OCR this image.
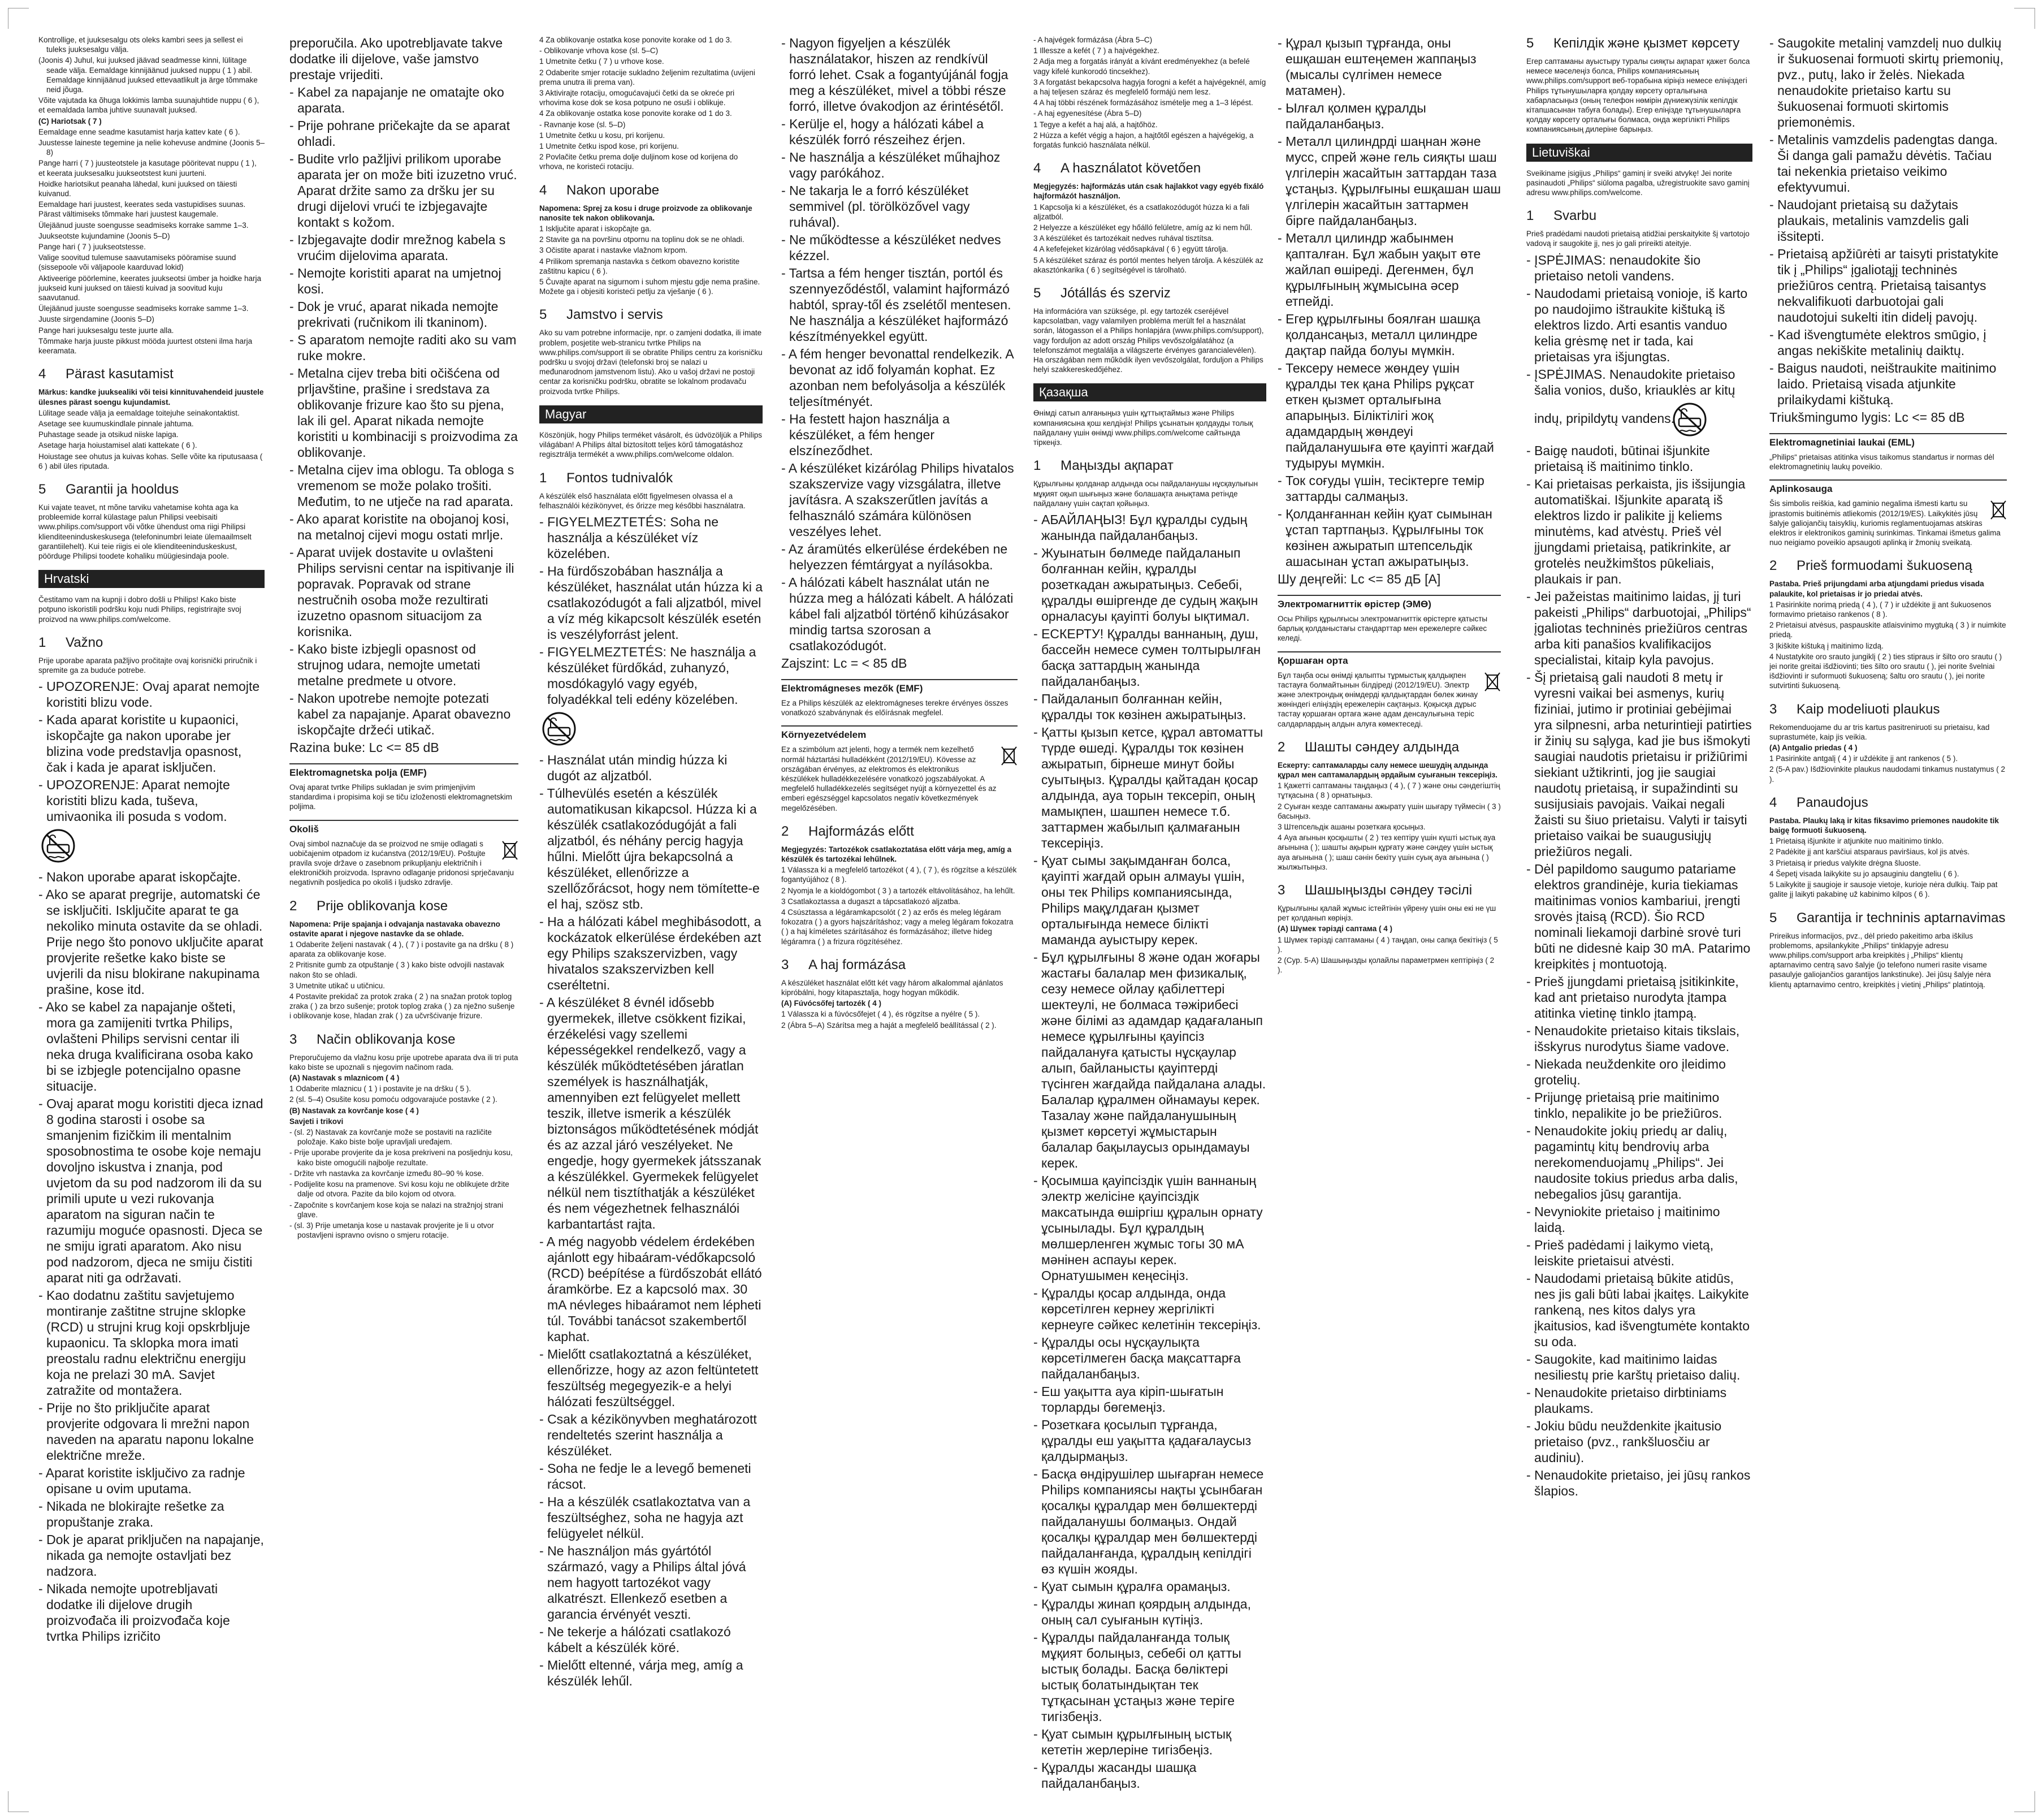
Kontrollige, et juuksesalgu ots oleks kambri sees ja sellest ei tuleks juuksesalgu välja.

(Joonis 4) Juhul, kui juuksed jäävad seadmesse kinni, lülitage seade välja. Eemaldage kinnijäänud juuksed nuppu ( 1 ) abil. Eemaldage kinnijäänud juuksed ettevaatlikult ja ärge tõmmake neid jõuga.

Võite vajutada ka õhuga lokkimis lamba suunajuhtide nuppu ( 6 ), et eemaldada lamba juhtive suunavalt juuksed.

(C) Hariotsak ( 7 )

Eemaldage enne seadme kasutamist harja kattev kate ( 6 ).

Juustesse laineste tegemine ja nelie kohevuse andmine (Joonis 5–8)

Pange harri ( 7 ) juusteotstele ja kasutage pööritevat nuppu ( 1 ), et keerata juuksesalku juukseotstest kuni juurteni.

Hoidke hariotsikut peanaha lähedal, kuni juuksed on täiesti kuivanud.

Eemaldage hari juustest, keerates seda vastupidises suunas. Pärast vältimiseks tõmmake hari juustest kaugemale.

Ülejäänud juuste soengusse seadmiseks korrake samme 1–3.

Juukseotste kujundamine (Joonis 5–D)

Pange hari ( 7 ) juukseotstesse.

Valige soovitud tulemuse saavutamiseks pööramise suund (sissepoole või väljapoole kaarduvad lokid)

Aktiveerige pöörlemine, keerates juukseotsi ümber ja hoidke harja juukseid kuni juuksed on täiesti kuivad ja soovitud kuju saavutanud.

Ülejäänud juuste soengusse seadmiseks korrake samme 1–3.

Juuste sirgendamine (Joonis 5–D)

Pange hari juuksesalgu teste juurte alla.

Tõmmake harja juuste pikkust mööda juurtest otsteni ilma harja keeramata.

4 Pärast kasutamist

Märkus: kandke juuksealiki või teisi kinnituvahendeid juustele ülesnes pärast soengu kujundamist.

Lülitage seade välja ja eemaldage toitejuhe seinakontaktist.

Asetage see kuumuskindlale pinnale jahtuma.

Puhastage seade ja otsikud niiske lapiga.

Asetage harja hoiustamisel alati kattekate ( 6 ).

Hoiustage see ohutus ja kuivas kohas. Selle võite ka riputusaasa ( 6 ) abil üles riputada.

5 Garantii ja hooldus

Kui vajate teavet, nt mõne tarviku vahetamise kohta aga ka probleemide korral külastage palun Philipsi veebisaiti www.philips.com/support või võtke ühendust oma riigi Philipsi klienditeeninduskeskusega (telefoninumbri leiate ülemaailmselt garantiilehelt). Kui teie riigis ei ole klienditeeninduskeskust, pöörduge Philipsi toodete kohaliku müügiesindaja poole.

Hrvatski

Čestitamo vam na kupnji i dobro došli u Philips! Kako biste potpuno iskoristili podršku koju nudi Philips, registrirajte svoj proizvod na www.philips.com/welcome.

1 Važno

Prije uporabe aparata pažljivo pročitajte ovaj korisnički priručnik i spremite ga za buduće potrebe.

- UPOZORENJE: Ovaj aparat nemojte koristiti blizu vode.

- Kada aparat koristite u kupaonici, iskopčajte ga nakon uporabe jer blizina vode predstavlja opasnost, čak i kada je aparat isključen.

- UPOZORENJE: Aparat nemojte koristiti blizu kada, tuševa, umivaonika ili posuda s vodom.

- Nakon uporabe aparat iskopčajte.

- Ako se aparat pregrije, automatski će se isključiti. Isključite aparat te ga nekoliko minuta ostavite da se ohladi. Prije nego što ponovo uključite aparat provjerite rešetke kako biste se uvjerili da nisu blokirane nakupinama prašine, kose itd.

- Ako se kabel za napajanje ošteti, mora ga zamijeniti tvrtka Philips, ovlašteni Philips servisni centar ili neka druga kvalificirana osoba kako bi se izbjegle potencijalno opasne situacije.

- Ovaj aparat mogu koristiti djeca iznad 8 godina starosti i osobe sa smanjenim fizičkim ili mentalnim sposobnostima te osobe koje nemaju dovoljno iskustva i znanja, pod uvjetom da su pod nadzorom ili da su primili upute u vezi rukovanja aparatom na siguran način te razumiju moguće opasnosti. Djeca se ne smiju igrati aparatom. Ako nisu pod nadzorom, djeca ne smiju čistiti aparat niti ga održavati.

- Kao dodatnu zaštitu savjetujemo montiranje zaštitne strujne sklopke (RCD) u strujni krug koji opskrbljuje kupaonicu. Ta sklopka mora imati preostalu radnu električnu energiju koja ne prelazi 30 mA. Savjet zatražite od montažera.

- Prije no što priključite aparat provjerite odgovara li mrežni napon naveden na aparatu naponu lokalne električne mreže.

- Aparat koristite isključivo za radnje opisane u ovim uputama.

- Nikada ne blokirajte rešetke za propuštanje zraka.

- Dok je aparat priključen na napajanje, nikada ga nemojte ostavljati bez nadzora.

- Nikada nemojte upotrebljavati dodatke ili dijelove drugih proizvođača ili proizvođača koje tvrtka Philips izričito

preporučila. Ako upotrebljavate takve dodatke ili dijelove, vaše jamstvo prestaje vrijediti.

- Kabel za napajanje ne omatajte oko aparata.

- Prije pohrane pričekajte da se aparat ohladi.

- Budite vrlo pažljivi prilikom uporabe aparata jer on može biti izuzetno vruć. Aparat držite samo za dršku jer su drugi dijelovi vrući te izbjegavajte kontakt s kožom.

- Izbjegavajte dodir mrežnog kabela s vrućim dijelovima aparata.

- Nemojte koristiti aparat na umjetnoj kosi.

- Dok je vruć, aparat nikada nemojte prekrivati (ručnikom ili tkaninom).

- S aparatom nemojte raditi ako su vam ruke mokre.

- Metalna cijev treba biti očišćena od prljavštine, prašine i sredstava za oblikovanje frizure kao što su pjena, lak ili gel. Aparat nikada nemojte koristiti u kombinaciji s proizvodima za oblikovanje.

- Metalna cijev ima oblogu. Ta obloga s vremenom se može polako trošiti. Međutim, to ne utječe na rad aparata.

- Ako aparat koristite na obojanoj kosi, na metalnoj cijevi mogu ostati mrlje.

- Aparat uvijek dostavite u ovlašteni Philips servisni centar na ispitivanje ili popravak. Popravak od strane nestručnih osoba može rezultirati izuzetno opasnom situacijom za korisnika.

- Kako biste izbjegli opasnost od strujnog udara, nemojte umetati metalne predmete u otvore.

- Nakon upotrebe nemojte potezati kabel za napajanje. Aparat obavezno iskopčajte držeći utikač.

Razina buke: Lc <= 85 dB

Elektromagnetska polja (EMF)

Ovaj aparat tvrtke Philips sukladan je svim primjenjivim standardima i propisima koji se tiču izloženosti elektromagnetskim poljima.

Okoliš

Ovaj simbol naznačuje da se proizvod ne smije odlagati s uobičajenim otpadom iz kućanstva (2012/19/EU). Poštujte pravila svoje države o zasebnom prikupljanju električnih i elektroničkih proizvoda. Ispravno odlaganje pridonosi sprječavanju negativnih posljedica po okoliš i ljudsko zdravlje.

2 Prije oblikovanja kose

Napomena: Prije spajanja i odvajanja nastavaka obavezno ostavite aparat i njegove nastavke da se ohlade.

1 Odaberite željeni nastavak ( 4 ), ( 7 ) i postavite ga na dršku ( 8 ) aparata za oblikovanje kose.

2 Pritisnite gumb za otpuštanje ( 3 ) kako biste odvojili nastavak nakon što se ohladi.

3 Umetnite utikač u utičnicu.

4 Postavite prekidač za protok zraka ( 2 ) na snažan protok toplog zraka ( ) za brzo sušenje; protok toplog zraka ( ) za nježno sušenje i oblikovanje kose, hladan zrak ( ) za učvršćivanje frizure.

3 Način oblikovanja kose

Preporučujemo da vlažnu kosu prije upotrebe aparata dva ili tri puta kako biste se upoznali s njegovim načinom rada.

(A) Nastavak s mlaznicom ( 4 )

1 Odaberite mlaznicu ( 1 ) i postavite je na dršku ( 5 ).

2 (sl. 5–4) Osušite kosu pomoću odgovarajuće postavke ( 2 ).

(B) Nastavak za kovrčanje kose ( 4 )

Savjeti i trikovi

- (sl. 2) Nastavak za kovrčanje može se postaviti na različite položaje. Kako biste bolje upravljali uređajem.

- Prije uporabe provjerite da je kosa prekriveni na posljednju kosu, kako biste omogućili najbolje rezultate.

- Držite vrh nastavka za kovrčanje između 80–90 % kose.

- Podijelite kosu na pramenove. Svi kosu koju ne oblikujete držite dalje od otvora. Pazite da bilo kojom od otvora.

- Započnite s kovrčanjem kose koja se nalazi na stražnjoj strani glave.

- (sl. 3) Prije umetanja kose u nastavak provjerite je li u otvor postavljeni ispravno ovisno o smjeru rotacije.

4 Za oblikovanje ostatka kose ponovite korake od 1 do 3.

- Oblikovanje vrhova kose (sl. 5–C)

1 Umetnite četku ( 7 ) u vrhove kose.

2 Odaberite smjer rotacije sukladno željenim rezultatima (uvijeni prema unutra ili prema van).

3 Aktivirajte rotaciju, omogućavajući četki da se okreće pri vrhovima kose dok se kosa potpuno ne osuši i oblikuje.

4 Za oblikovanje ostatka kose ponovite korake od 1 do 3.

- Ravnanje kose (sl. 5–D)

1 Umetnite četku u kosu, pri korijenu.

1 Umetnite četku ispod kose, pri korijenu.

2 Povlačite četku prema dolje duljinom kose od korijena do vrhova, ne koristeći rotaciju.

4 Nakon uporabe

Napomena: Sprej za kosu i druge proizvode za oblikovanje nanosite tek nakon oblikovanja.

1 Isključite aparat i iskopčajte ga.

2 Stavite ga na površinu otpornu na toplinu dok se ne ohladi.

3 Očistite aparat i nastavke vlažnom krpom.

4 Prilikom spremanja nastavka s četkom obavezno koristite zaštitnu kapicu ( 6 ).

5 Čuvajte aparat na sigurnom i suhom mjestu gdje nema prašine. Možete ga i objesiti koristeći petlju za vješanje ( 6 ).

5 Jamstvo i servis

Ako su vam potrebne informacije, npr. o zamjeni dodatka, ili imate problem, posjetite web-stranicu tvrtke Philips na www.philips.com/support ili se obratite Philips centru za korisničku podršku u svojoj državi (telefonski broj se nalazi u međunarodnom jamstvenom listu). Ako u vašoj državi ne postoji centar za korisničku podršku, obratite se lokalnom prodavaču proizvoda tvrtke Philips.

Magyar

Köszönjük, hogy Philips terméket vásárolt, és üdvözöljük a Philips világában! A Philips által biztosított teljes körű támogatáshoz regisztrálja termékét a www.philips.com/welcome oldalon.

1 Fontos tudnivalók

A készülék első használata előtt figyelmesen olvassa el a felhasználói kézikönyvet, és őrizze meg későbbi használatra.

- FIGYELMEZTETÉS: Soha ne használja a készüléket víz közelében.

- Ha fürdőszobában használja a készüléket, használat után húzza ki a csatlakozódugót a fali aljzatból, mivel a víz még kikapcsolt készülék esetén is veszélyforrást jelent.

- FIGYELMEZTETÉS: Ne használja a készüléket fürdőkád, zuhanyzó, mosdókagyló vagy egyéb, folyadékkal teli edény közelében.

- Használat után mindig húzza ki dugót az aljzatból.

- Túlhevülés esetén a készülék automatikusan kikapcsol. Húzza ki a készülék csatlakozódugóját a fali aljzatból, és néhány percig hagyja hűlni. Mielőtt újra bekapcsolná a készüléket, ellenőrizze a szellőzőrácsot, hogy nem tömítette-e el haj, szösz stb.

- Ha a hálózati kábel meghibásodott, a kockázatok elkerülése érdekében azt egy Philips szakszervizben, vagy hivatalos szakszervizben kell cseréltetni.

- A készüléket 8 évnél idősebb gyermekek, illetve csökkent fizikai, érzékelési vagy szellemi képességekkel rendelkező, vagy a készülék működtetésében járatlan személyek is használhatják, amennyiben ezt felügyelet mellett teszik, illetve ismerik a készülék biztonságos működtetésének módját és az azzal járó veszélyeket. Ne engedje, hogy gyermekek játsszanak a készülékkel. Gyermekek felügyelet nélkül nem tisztíthatják a készüléket és nem végezhetnek felhasználói karbantartást rajta.

- A még nagyobb védelem érdekében ajánlott egy hibaáram-védőkapcsoló (RCD) beépítése a fürdőszobát ellátó áramkörbe. Ez a kapcsoló max. 30 mA névleges hibaáramot nem lépheti túl. További tanácsot szakembertől kaphat.

- Mielőtt csatlakoztatná a készüléket, ellenőrizze, hogy az azon feltüntetett feszültség megegyezik-e a helyi hálózati feszültséggel.

- Csak a kézikönyvben meghatározott rendeltetés szerint használja a készüléket.

- Soha ne fedje le a levegő bemeneti rácsot.

- Ha a készülék csatlakoztatva van a feszültséghez, soha ne hagyja azt felügyelet nélkül.

- Ne használjon más gyártótól származó, vagy a Philips által jóvá nem hagyott tartozékot vagy alkatrészt. Ellenkező esetben a garancia érvényét veszti.

- Ne tekerje a hálózati csatlakozó kábelt a készülék köré.

- Mielőtt eltenné, várja meg, amíg a készülék lehűl.

- Nagyon figyeljen a készülék használatakor, hiszen az rendkívül forró lehet. Csak a fogantyújánál fogja meg a készüléket, mivel a többi része forró, illetve óvakodjon az érintésétől.

- Kerülje el, hogy a hálózati kábel a készülék forró részeihez érjen.

- Ne használja a készüléket műhajhoz vagy parókához.

- Ne takarja le a forró készüléket semmivel (pl. törölközővel vagy ruhával).

- Ne működtesse a készüléket nedves kézzel.

- Tartsa a fém henger tisztán, portól és szennyeződéstől, valamint hajformázó habtól, spray-től és zselétől mentesen. Ne használja a készüléket hajformázó készítményekkel együtt.

- A fém henger bevonattal rendelkezik. A bevonat az idő folyamán kophat. Ez azonban nem befolyásolja a készülék teljesítményét.

- Ha festett hajon használja a készüléket, a fém henger elszíneződhet.

- A készüléket kizárólag Philips hivatalos szakszervize vagy vizsgálatra, illetve javításra. A szakszerűtlen javítás a felhasználó számára különösen veszélyes lehet.

- Az áramütés elkerülése érdekében ne helyezzen fémtárgyat a nyílásokba.

- A hálózati kábelt használat után ne húzza meg a hálózati kábelt. A hálózati kábel fali aljzatból történő kihúzásakor mindig tartsa szorosan a csatlakozódugót.

Zajszint: Lc = < 85 dB

Elektromágneses mezők (EMF)

Ez a Philips készülék az elektromágneses terekre érvényes összes vonatkozó szabványnak és előírásnak megfelel.

Környezetvédelem

Ez a szimbólum azt jelenti, hogy a termék nem kezelhető normál háztartási hulladékként (2012/19/EU). Kövesse az országában érvényes, az elektromos és elektronikus készülékek hulladékkezelésére vonatkozó jogszabályokat. A megfelelő hulladékkezelés segítséget nyújt a környezettel és az emberi egészséggel kapcsolatos negatív következmények megelőzésében.

2 Hajformázás előtt

Megjegyzés: Tartozékok csatlakoztatása előtt várja meg, amíg a készülék és tartozékai lehűlnek.

1 Válassza ki a megfelelő tartozékot ( 4 ), ( 7 ), és rögzítse a készülék fogantyújához ( 8 ).

2 Nyomja le a kioldógombot ( 3 ) a tartozék eltávolításához, ha lehűlt.

3 Csatlakoztassa a dugaszt a tápcsatlakozó aljzatba.

4 Csúsztassa a légáramkapcsolót ( 2 ) az erős és meleg légáram fokozatra ( ) a gyors hajszárításhoz; vagy a meleg légáram fokozatra ( ) a haj kíméletes szárításához és formázásához; illetve hideg légáramra ( ) a frizura rögzítéséhez.

3 A haj formázása

A készüléket használat előtt két vagy három alkalommal ajánlatos kipróbálni, hogy kitapasztalja, hogy hogyan működik.

(A) Fúvócsőfej tartozék ( 4 )

1 Válassza ki a fúvócsőfejet ( 4 ), és rögzítse a nyélre ( 5 ).

2 (Ábra 5–A) Szárítsa meg a haját a megfelelő beállítással ( 2 ).

- A hajvégek formázása (Ábra 5–C)

1 Illessze a kefét ( 7 ) a hajvégekhez.

2 Adja meg a forgatás irányát a kívánt eredményekhez (a befelé vagy kifelé kunkorodó tincsekhez).

3 A forgatást bekapcsolva hagyja forogni a kefét a hajvégeknél, amíg a haj teljesen száraz és megfelelő formájú nem lesz.

4 A haj többi részének formázásához ismételje meg a 1–3 lépést.

- A haj egyenesítése (Ábra 5–D)

1 Tegye a kefét a haj alá, a hajtőhöz.

2 Húzza a kefét végig a hajon, a hajtőtől egészen a hajvégekig, a forgatás funkció használata nélkül.

4 A használatot követően

Megjegyzés: hajformázás után csak hajlakkot vagy egyéb fixáló hajformázót használjon.

1 Kapcsolja ki a készüléket, és a csatlakozódugót húzza ki a fali aljzatból.

2 Helyezze a készüléket egy hőálló felületre, amíg az ki nem hűl.

3 A készüléket és tartozékait nedves ruhával tisztítsa.

4 A kefefejeket kizárólag védősapkával ( 6 ) együtt tárolja.

5 A készüléket száraz és portól mentes helyen tárolja. A készülék az akasztónkarika ( 6 ) segítségével is tárolható.

5 Jótállás és szerviz

Ha információra van szüksége, pl. egy tartozék cseréjével kapcsolatban, vagy valamilyen probléma merült fel a használat során, látogasson el a Philips honlapjára (www.philips.com/support), vagy forduljon az adott ország Philips vevőszolgálatához (a telefonszámot megtalálja a világszerte érvényes garancialevélen). Ha országában nem működik ilyen vevőszolgálat, forduljon a Philips helyi szakkereskedőjéhez.

Қазақша

Өнімді сатып алғаныңыз үшін құттықтаймыз және Philips компаниясына қош келдіңіз! Philips ұсынатын қолдауды толық пайдалану үшін өнімді www.philips.com/welcome сайтында тіркеңіз.

1 Маңызды ақпарат

Құрылғыны қолданар алдында осы пайдаланушы нұсқаулығын мұқият оқып шығыңыз және болашақта анықтама ретінде пайдалану үшін сақтап қойыңыз.

- АБАЙЛАҢЫЗ! Бұл құралды судың жанында пайдаланбаңыз.

- Жуынатын бөлмеде пайдаланып болғаннан кейін, құралды розеткадан ажыратыңыз. Себебі, құралды өшіргенде де судың жақын орналасуы қауіпті болуы ықтимал.

- ЕСКЕРТУ! Құралды ваннаның, душ, бассейн немесе сумен толтырылған басқа заттардың жанында пайдаланбаңыз.

- Пайдаланып болғаннан кейін, құралды ток көзінен ажыратыңыз.

- Қатты қызып кетсе, құрал автоматты түрде өшеді. Құралды ток көзінен ажыратып, бірнеше минут бойы суытыңыз. Құралды қайтадан қосар алдында, ауа торын тексеріп, оның мамықпен, шашпен немесе т.б. заттармен жабылып қалмағанын тексеріңіз.

- Қуат сымы зақымданған болса, қауіпті жағдай орын алмауы үшін, оны тек Philips компаниясында, Philips мақұлдаған қызмет орталығында немесе білікті маманда ауыстыру керек.

- Бұл құрылғыны 8 және одан жоғары жастағы балалар мен физикалық, сезу немесе ойлау қабілеттері шектеулі, не болмаса тәжірибесі және білімі аз адамдар қадағаланып немесе құрылғыны қауіпсіз пайдалануға қатысты нұсқаулар алып, байланысты қауіптерді түсінген жағдайда пайдалана алады. Балалар құралмен ойнамауы керек. Тазалау және пайдаланушының қызмет көрсетуі жұмыстарын балалар бақылаусыз орындамауы керек.

- Қосымша қауіпсіздік үшін ваннаның электр желісіне қауіпсіздік максатында өшіргіш құралын орнату ұсынылады. Бұл құралдың мөлшерленген жұмыс тогы 30 мА мәнінен аспауы керек. Орнатушымен кеңесіңіз.

- Құралды қосар алдында, онда көрсетілген кернеу жергілікті кернеуге сәйкес келетінін тексеріңіз.

- Құралды осы нұсқаулықта көрсетілмеген басқа мақсаттарға пайдаланбаңыз.

- Еш уақытта ауа кіріп-шығатын торларды бөгемеңіз.

- Розеткаға қосылып тұрғанда, құралды еш уақытта қадағалаусыз қалдырмаңыз.

- Басқа өндірушілер шығарған немесе Philips компаниясы нақты ұсынбаған қосалқы құралдар мен бөлшектерді пайдаланушы болмаңыз. Ондай қосалқы құралдар мен бөлшектерді пайдаланғанда, құралдың кепілдігі өз күшін жояды.

- Қуат сымын құралға орамаңыз.

- Құралды жинап қоярдың алдында, оның сал суығанын күтіңіз.

- Құралды пайдаланғанда толық мұқият болыңыз, себебі ол қатты ыстық болады. Басқа бөліктері ыстық болатындықтан тек тұтқасынан ұстаңыз және теріге тигізбеңіз.

- Қуат сымын құрылғының ыстық кететін жерлеріне тигізбеңіз.

- Құралды жасанды шашқа пайдаланбаңыз.

- Құрал қызып тұрғанда, оны ешқашан ештеңемен жаппаңыз (мысалы сүлгімен немесе матамен).

- Ылғал қолмен құралды пайдаланбаңыз.

- Металл цилиндрді шаңнан және мусс, спрей және гель сияқты шаш үлгілерін жасайтын заттардан таза ұстаңыз. Құрылғыны ешқашан шаш үлгілерін жасайтын заттармен бірге пайдаланбаңыз.

- Металл цилиндр жабынмен қапталған. Бұл жабын уақыт өте жайлап өшіреді. Дегенмен, бұл құрылғының жұмысына әсер етпейді.

- Егер құрылғыны боялған шашқа қолдансаңыз, металл цилиндре дақтар пайда болуы мүмкін.

- Тексеру немесе жөндеу үшін құралды тек қана Philips рұқсат еткен қызмет орталығына апарыңыз. Біліктілігі жоқ адамдардың жөндеуі пайдаланушыға өте қауіпті жағдай тудыруы мүмкін.

- Ток соғуды үшін, тесіктерге темір заттарды салмаңыз.

- Қолданғаннан кейін қуат сымынан ұстап тартпаңыз. Құрылғыны ток көзінен ажыратып штепсельдік ашасынан ұстап ажыратыңыз.

Шу деңгейі: Lc <= 85 дБ [A]

Электромагниттік өрістер (ЭМӨ)

Осы Philips құрылғысы электромагниттік өрістерге қатысты барлық қолданыстағы стандарттар мен ережелерге сәйкес келеді.

Қоршаған орта

Бұл таңба осы өнімді қалыпты тұрмыстық қалдықпен тастауға болмайтынын білдіреді (2012/19/EU). Электр және электрондық өнімдерді қалдықтардан бөлек жинау жөніндегі еліңіздің ережелерін сақтаңыз. Қоқысқа дұрыс тастау қоршаған ортаға және адам денсаулығына теріс салдарлардың алдын алуға көмектеседі.

2 Шашты сәндеу алдында

Ескерту: саптамаларды салу немесе шешудің алдында құрал мен саптамалардың әрдайым суығанын тексеріңіз.

1 Қажетті саптаманы таңдаңыз ( 4 ), ( 7 ) және оны сәндегіштің тұтқасына ( 8 ) орнатыңыз.

2 Суыған кезде саптаманы ажырату үшін шығару түймесін ( 3 ) басыңыз.

3 Штепсельдік ашаны розеткаға қосыңыз.

4 Ауа ағынын қосқышты ( 2 ) тез кептіру үшін күшті ыстық ауа ағынына ( ); шашты ақырын құрғату және сәндеу үшін ыстық ауа ағынына ( ); шаш сәнін бекіту үшін суық ауа ағынына ( ) жылжытыңыз.

3 Шашыңызды сәндеу тәсілі

Құрылғыны қалай жұмыс істейтінін үйрену үшін оны екі не үш рет қолданып көріңіз.

(A) Шүмек тәрізді саптама ( 4 )

1 Шүмек тәрізді саптаманы ( 4 ) таңдап, оны сапқа бекітіңіз ( 5 ).

2 (Сур. 5-А) Шашыңызды қолайлы параметрмен кептіріңіз ( 2 ).

5 Кепілдік және қызмет көрсету

Егер саптаманы ауыстыру туралы сияқты ақпарат қажет болса немесе мәселеңіз болса, Philips компаниясының www.philips.com/support веб-торабына кіріңіз немесе еліңіздегі Philips тұтынушыларға қолдау көрсету орталығына хабарласыңыз (оның телефон нөмірін дүниежүзілік кепілдік кітапшасынан табуға болады). Егер еліңізде тұтынушыларға қолдау көрсету орталығы болмаса, онда жергілікті Philips компаниясының дилеріне барыңыз.

Lietuviškai

Sveikiname įsigijus „Philips“ gaminį ir sveiki atvykę! Jei norite pasinaudoti „Philips“ siūloma pagalba, užregistruokite savo gaminį adresu www.philips.com/welcome.

1 Svarbu

Prieš pradėdami naudoti prietaisą atidžiai perskaitykite šį vartotojo vadovą ir saugokite jį, nes jo gali prireikti ateityje.

- ĮSPĖJIMAS: nenaudokite šio prietaiso netoli vandens.

- Naudodami prietaisą vonioje, iš karto po naudojimo ištraukite kištuką iš elektros lizdo. Arti esantis vanduo kelia grėsmę net ir tada, kai prietaisas yra išjungtas.

- ĮSPĖJIMAS. Nenaudokite prietaiso šalia vonios, dušo, kriauklės ar kitų indų, pripildytų vandens.

- Baigę naudoti, būtinai išjunkite prietaisą iš maitinimo tinklo.

- Kai prietaisas perkaista, jis išsijungia automatiškai. Išjunkite aparatą iš elektros lizdo ir palikite jį keliems minutėms, kad atvėstų. Prieš vėl įjungdami prietaisą, patikrinkite, ar grotelės neužkimštos pūkeliais, plaukais ir pan.

- Jei pažeistas maitinimo laidas, jį turi pakeisti „Philips“ darbuotojai, „Philips“ įgaliotas techninės priežiūros centras arba kiti panašios kvalifikacijos specialistai, kitaip kyla pavojus.

- Šį prietaisą gali naudoti 8 metų ir vyresni vaikai bei asmenys, kurių fiziniai, jutimo ir protiniai gebėjimai yra silpnesni, arba neturintieji patirties ir žinių su sąlyga, kad jie bus išmokyti saugiai naudotis prietaisu ir prižiūrimi siekiant užtikrinti, jog jie saugiai naudotų prietaisą, ir supažindinti su susijusiais pavojais. Vaikai negali žaisti su šiuo prietaisu. Valyti ir taisyti prietaiso vaikai be suaugusiųjų priežiūros negali.

- Dėl papildomo saugumo patariame elektros grandinėje, kuria tiekiamas maitinimas vonios kambariui, įrengti srovės įtaisą (RCD). Šio RCD nominali liekamoji darbinė srovė turi būti ne didesnė kaip 30 mA. Patarimo kreipkitės į montuotoją.

- Prieš įjungdami prietaisą įsitikinkite, kad ant prietaiso nurodyta įtampa atitinka vietinę tinklo įtampą.

- Nenaudokite prietaiso kitais tikslais, išskyrus nurodytus šiame vadove.

- Niekada neuždenkite oro įleidimo grotelių.

- Prijungę prietaisą prie maitinimo tinklo, nepalikite jo be priežiūros.

- Nenaudokite jokių priedų ar dalių, pagamintų kitų bendrovių arba nerekomenduojamų „Philips“. Jei naudosite tokius priedus arba dalis, nebegalios jūsų garantija.

- Nevyniokite prietaiso į maitinimo laidą.

- Prieš padėdami į laikymo vietą, leiskite prietaisui atvėsti.

- Naudodami prietaisą būkite atidūs, nes jis gali būti labai įkaitęs. Laikykite rankeną, nes kitos dalys yra įkaitusios, kad išvengtumėte kontakto su oda.

- Saugokite, kad maitinimo laidas nesiliestų prie karštų prietaiso dalių.

- Nenaudokite prietaiso dirbtiniams plaukams.

- Jokiu būdu neuždenkite įkaitusio prietaiso (pvz., rankšluosčiu ar audiniu).

- Nenaudokite prietaiso, jei jūsų rankos šlapios.

- Saugokite metalinį vamzdelį nuo dulkių ir šukuosenai formuoti skirtų priemonių, pvz., putų, lako ir želės. Niekada nenaudokite prietaiso kartu su šukuosenai formuoti skirtomis priemonėmis.

- Metalinis vamzdelis padengtas danga. Ši danga gali pamažu dėvėtis. Tačiau tai nekenkia prietaiso veikimo efektyvumui.

- Naudojant prietaisą su dažytais plaukais, metalinis vamzdelis gali išsitepti.

- Prietaisą apžiūrėti ar taisyti pristatykite tik į „Philips“ įgaliotąjį techninės priežiūros centrą. Prietaisą taisantys nekvalifikuoti darbuotojai gali naudotojui sukelti itin didelį pavojų.

- Kad išvengtumėte elektros smūgio, į angas nekiškite metalinių daiktų.

- Baigus naudoti, neištraukite maitinimo laido. Prietaisą visada atjunkite prilaikydami kištuką.

Triukšmingumo lygis: Lc <= 85 dB

Elektromagnetiniai laukai (EML)

„Philips“ prietaisas atitinka visus taikomus standartus ir normas dėl elektromagnetinių laukų poveikio.

Aplinkosauga

Šis simbolis reiškia, kad gaminio negalima išmesti kartu su įprastomis buitinėmis atliekomis (2012/19/ES). Laikykitės jūsų šalyje galiojančių taisyklių, kuriomis reglamentuojamas atskiras elektros ir elektronikos gaminių surinkimas. Tinkamai išmetus galima nuo neigiamo poveikio apsaugoti aplinką ir žmonių sveikatą.

2 Prieš formuodami šukuoseną

Pastaba. Prieš prijungdami arba atjungdami priedus visada palaukite, kol prietaisas ir jo priedai atvės.

1 Pasirinkite norimą priedą ( 4 ), ( 7 ) ir uždėkite jį ant šukuosenos formavimo prietaiso rankenos ( 8 ).

2 Prietaisui atvėsus, paspauskite atlaisvinimo mygtuką ( 3 ) ir nuimkite priedą.

3 Įkiškite kištuką į maitinimo lizdą.

4 Nustatykite oro srauto jungiklį ( 2 ) ties stipraus ir šilto oro srautu ( ) jei norite greitai išdžiovinti; ties šilto oro srautu ( ), jei norite švelniai išdžiovinti ir suformuoti šukuoseną; šaltu oro srautu ( ), jei norite sutvirtinti šukuoseną.

3 Kaip modeliuoti plaukus

Rekomenduojame du ar tris kartus pasitreniruoti su prietaisu, kad suprastumėte, kaip jis veikia.

(A) Antgalio priedas ( 4 )

1 Pasirinkite antgalį ( 4 ) ir uždėkite jį ant rankenos ( 5 ).

2 (5-A pav.) Išdžiovinkite plaukus naudodami tinkamus nustatymus ( 2 ).

4 Panaudojus

Pastaba. Plaukų laką ir kitas fiksavimo priemones naudokite tik baigę formuoti šukuoseną.

1 Prietaisą išjunkite ir atjunkite nuo maitinimo tinklo.

2 Padėkite jį ant karščiui atsparaus paviršiaus, kol jis atvės.

3 Prietaisą ir priedus valykite drėgna šluoste.

4 Šepetį visada laikykite su jo apsauginiu dangteliu ( 6 ).

5 Laikykite jį saugioje ir sausoje vietoje, kurioje nėra dulkių. Taip pat galite jį laikyti pakabinę už kabinimo kilpos ( 6 ).

5 Garantija ir techninis aptarnavimas

Prireikus informacijos, pvz., dėl priedo pakeitimo arba iškilus problemoms, apsilankykite „Philips“ tinklapyje adresu www.philips.com/support arba kreipkitės į „Philips“ klientų aptarnavimo centrą savo šalyje (jo telefono numeri rasite visame pasaulyje galiojančios garantijos lankstinuke). Jei jūsų šalyje nėra klientų aptarnavimo centro, kreipkitės į vietinį „Philips“ platintoją.
